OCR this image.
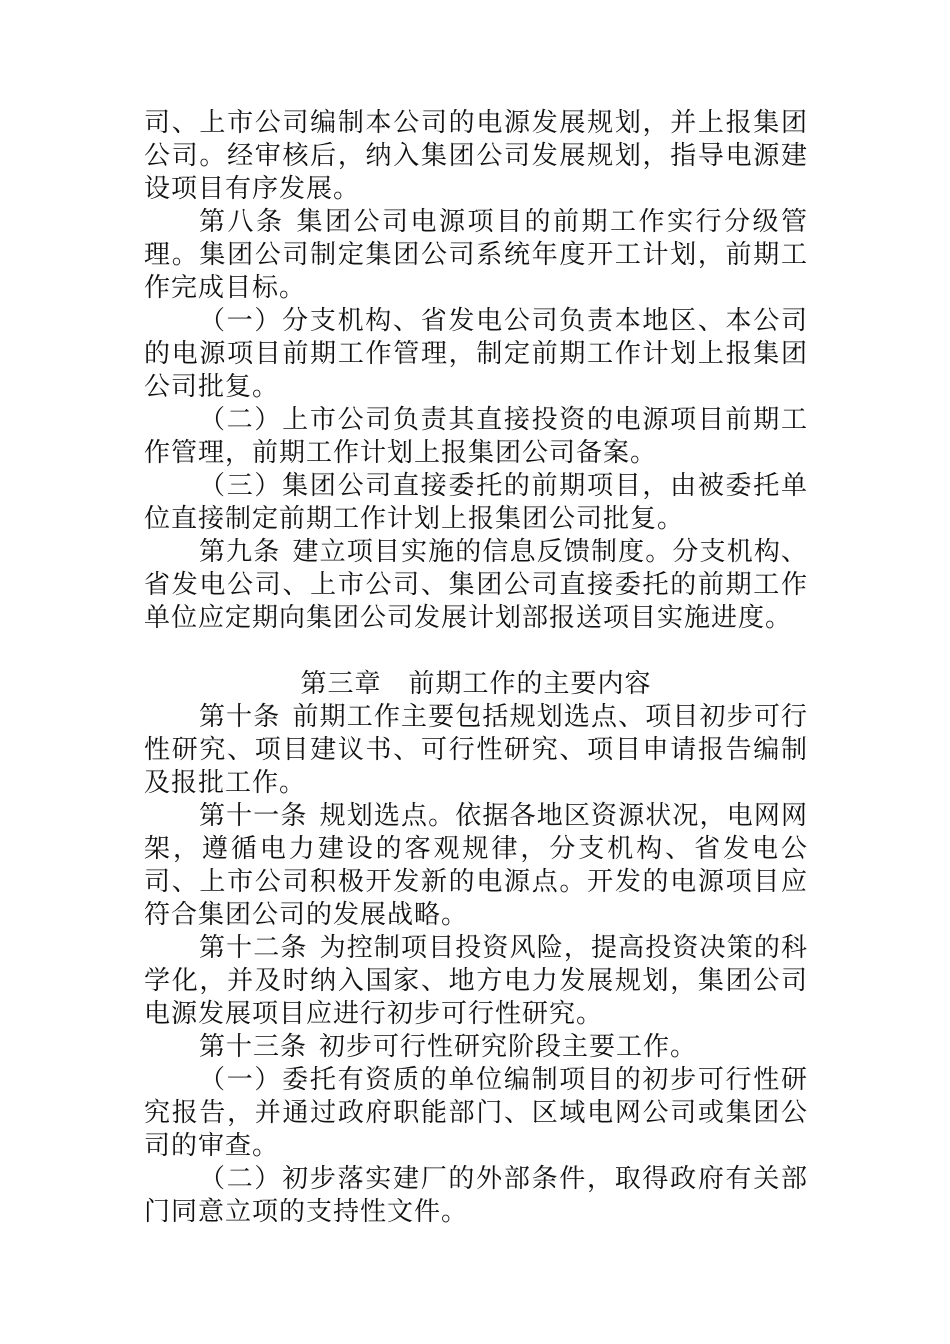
司、上市公司编制本公司的电源发展规划，并上报集团公司。经审核后，纳入集团公司发展规划，指导电源建设项目有序发展。

第八条 集团公司电源项目的前期工作实行分级管理。集团公司制定集团公司系统年度开工计划，前期工作完成目标。

（一）分支机构、省发电公司负责本地区、本公司的电源项目前期工作管理，制定前期工作计划上报集团公司批复。

（二）上市公司负责其直接投资的电源项目前期工作管理，前期工作计划上报集团公司备案。

（三）集团公司直接委托的前期项目，由被委托单位直接制定前期工作计划上报集团公司批复。

第九条 建立项目实施的信息反馈制度。分支机构、省发电公司、上市公司、集团公司直接委托的前期工作单位应定期向集团公司发展计划部报送项目实施进度。

第三章　前期工作的主要内容

第十条 前期工作主要包括规划选点、项目初步可行性研究、项目建议书、可行性研究、项目申请报告编制及报批工作。

第十一条 规划选点。依据各地区资源状况，电网网架，遵循电力建设的客观规律，分支机构、省发电公司、上市公司积极开发新的电源点。开发的电源项目应符合集团公司的发展战略。

第十二条 为控制项目投资风险，提高投资决策的科学化，并及时纳入国家、地方电力发展规划，集团公司电源发展项目应进行初步可行性研究。

第十三条 初步可行性研究阶段主要工作。

（一）委托有资质的单位编制项目的初步可行性研究报告，并通过政府职能部门、区域电网公司或集团公司的审查。

（二）初步落实建厂的外部条件，取得政府有关部门同意立项的支持性文件。
